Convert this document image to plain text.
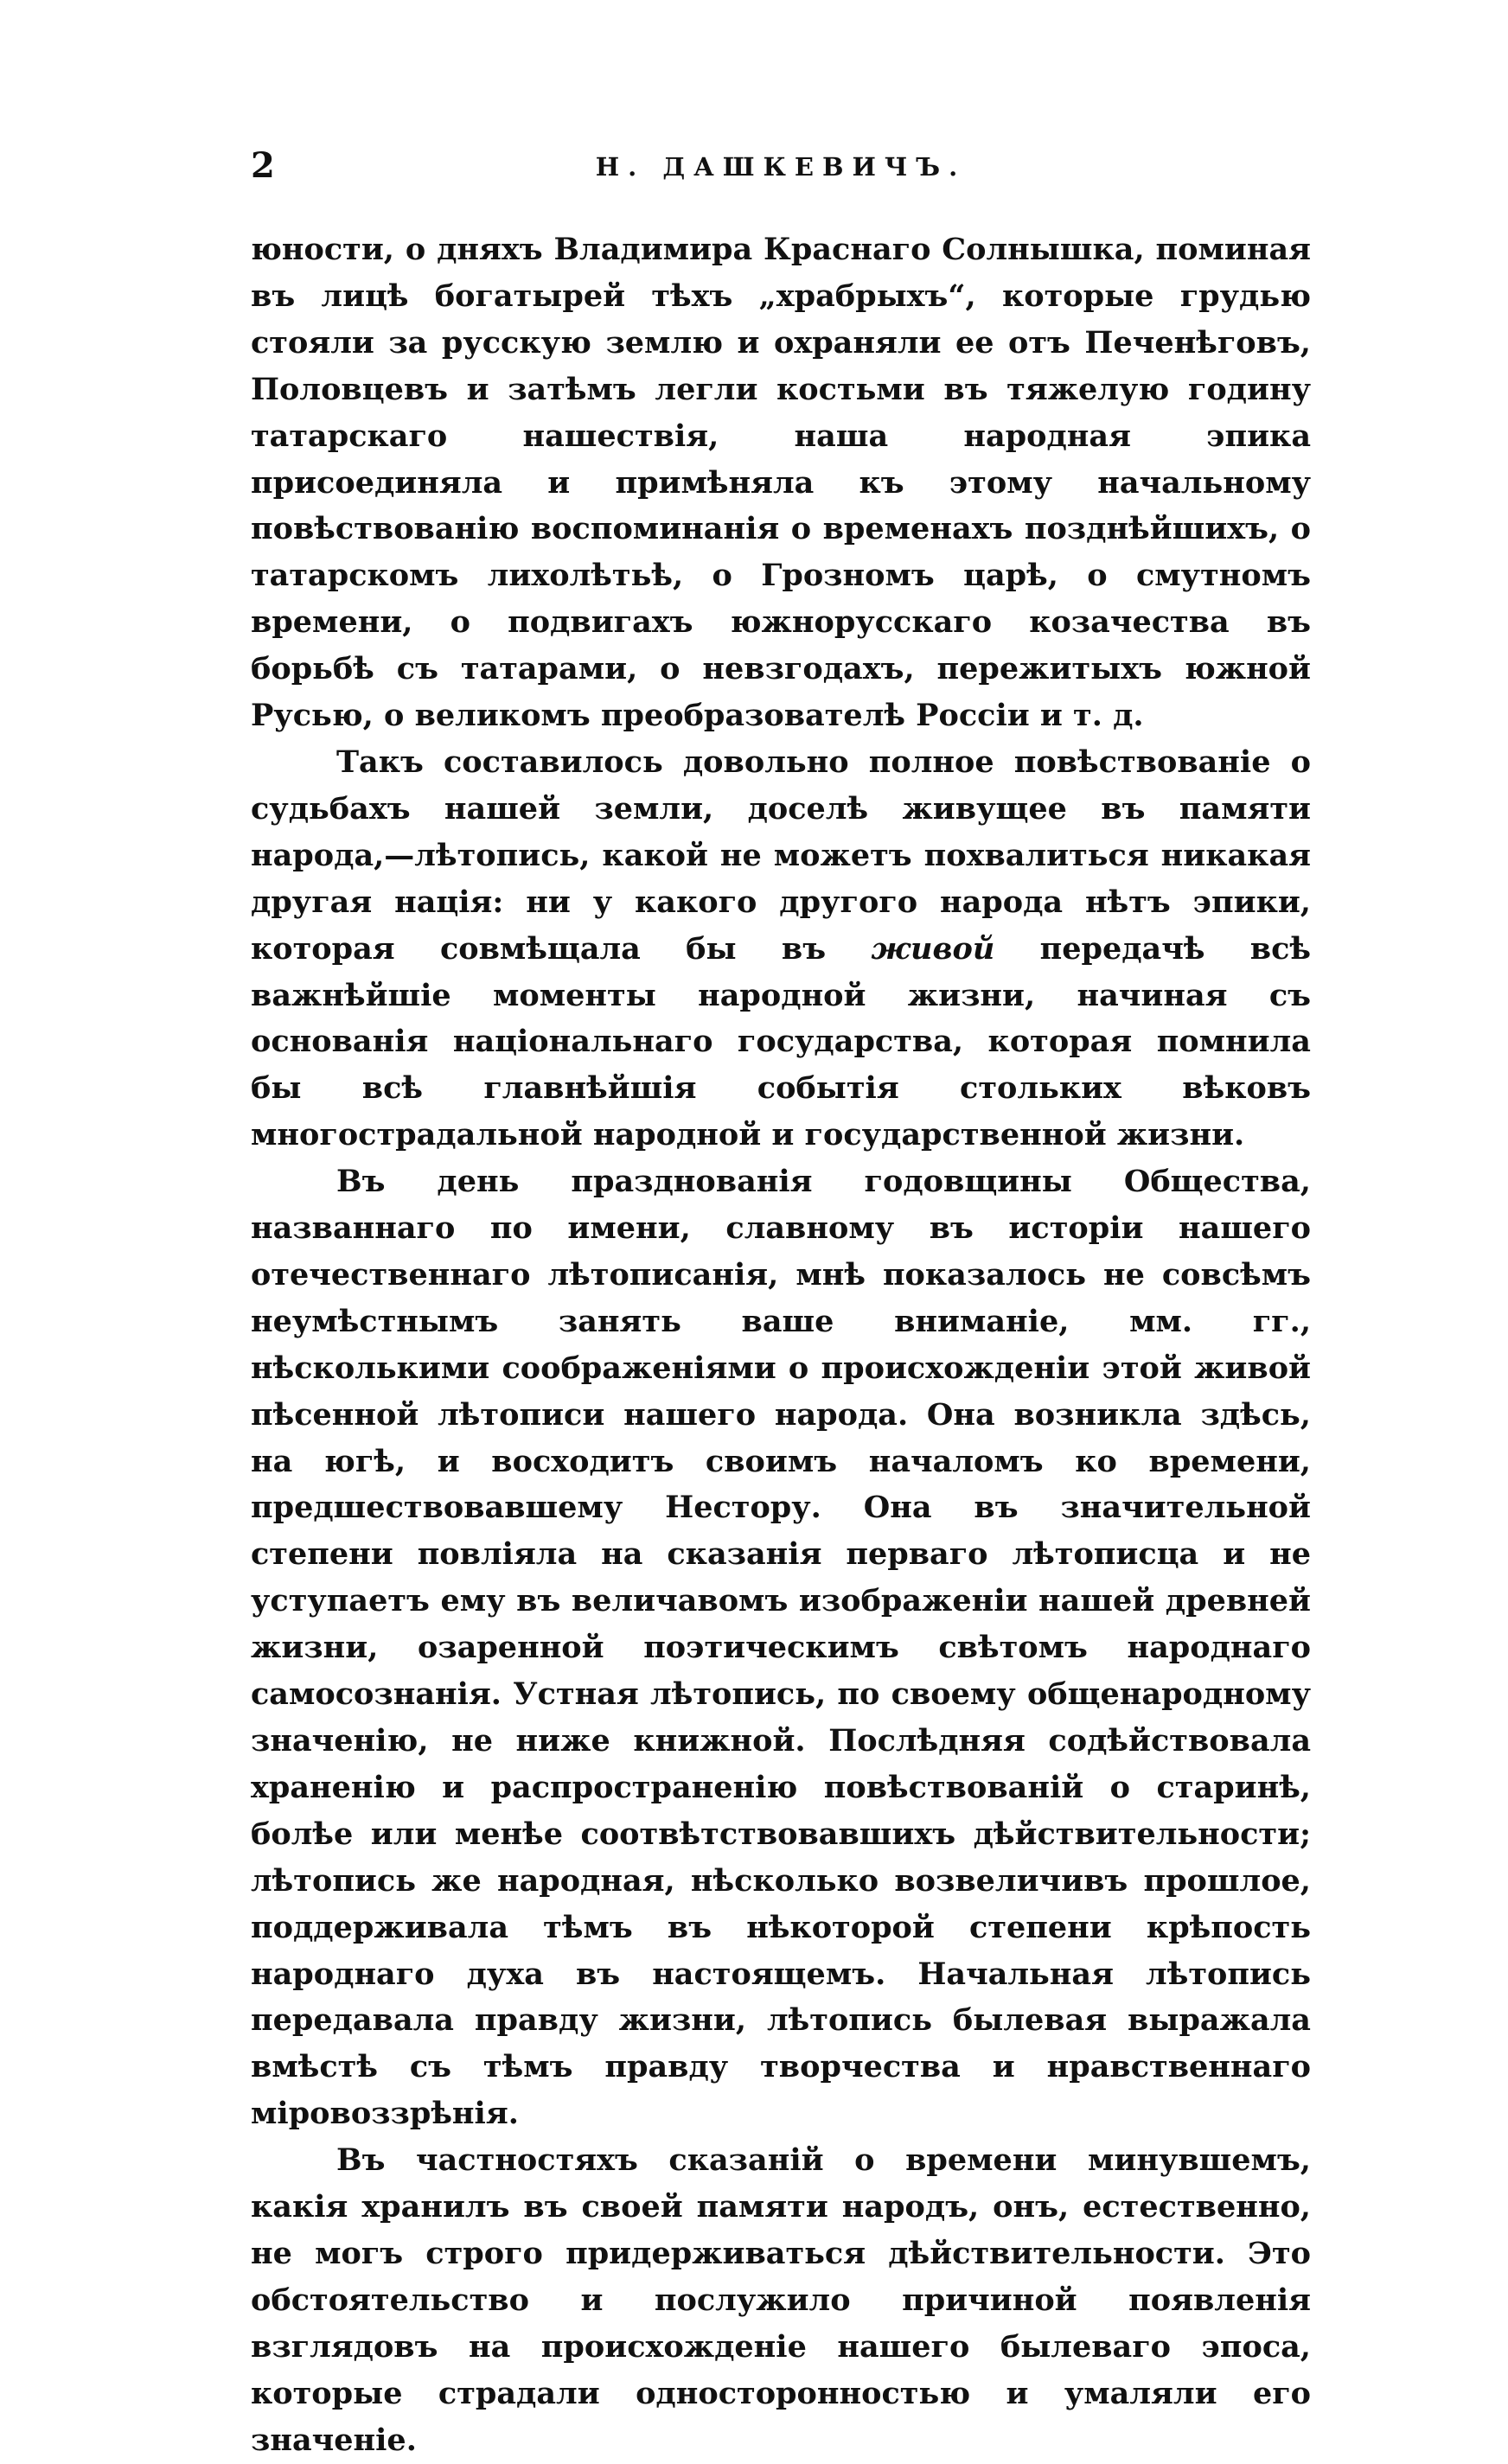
2	Н. ДАШКЕВИЧЪ.

юности, о дняхъ Владимира Краснаго Солнышка, поминая въ лицѣ богатырей тѣхъ „храбрыхъ“, которые грудью стояли за русскую землю и охраняли ее отъ Печенѣговъ, Половцевъ и затѣмъ легли костьми въ тяжелую годину татарскаго нашествія, наша народная эпика присоединяла и примѣняла къ этому начальному повѣствованію воспоминанія о временахъ позднѣйшихъ, о татарскомъ лихолѣтьѣ, о Грозномъ царѣ, о смутномъ времени, о подвигахъ южнорусскаго козачества въ борьбѣ съ татарами, о невзгодахъ, пережитыхъ южной Русью, о великомъ преобразователѣ Россіи и т. д.

Такъ составилось довольно полное повѣствованіе о судьбахъ нашей земли, доселѣ живущее въ памяти народа,—лѣтопись, какой не можетъ похвалиться никакая другая нація: ни у какого другого народа нѣтъ эпики, которая совмѣщала бы въ живой передачѣ всѣ важнѣйшіе моменты народной жизни, начиная съ основанія національнаго государства, которая помнила бы всѣ главнѣйшія событія стольких вѣковъ многострадальной народной и государственной жизни.

Въ день празднованія годовщины Общества, названнаго по имени, славному въ исторіи нашего отечественнаго лѣтописанія, мнѣ показалось не совсѣмъ неумѣстнымъ занять ваше вниманіе, мм. гг., нѣсколькими соображеніями о происхожденіи этой живой пѣсенной лѣтописи нашего народа. Она возникла здѣсь, на югѣ, и восходитъ своимъ началомъ ко времени, предшествовавшему Нестору. Она въ значительной степени повліяла на сказанія перваго лѣтописца и не уступаетъ ему въ величавомъ изображеніи нашей древней жизни, озаренной поэтическимъ свѣтомъ народнаго самосознанія. Устная лѣтопись, по своему общенародному значенію, не ниже книжной. Послѣдняя содѣйствовала храненію и распространенію повѣствованій о старинѣ, болѣе или менѣе соотвѣтствовавшихъ дѣйствительности; лѣтопись же народная, нѣсколько возвеличивъ прошлое, поддерживала тѣмъ въ нѣкоторой степени крѣпость народнаго духа въ настоящемъ. Начальная лѣтопись передавала правду жизни, лѣтопись былевая выражала вмѣстѣ съ тѣмъ правду творчества и нравственнаго міровоззрѣнія.

Въ частностяхъ сказаній о времени минувшемъ, какія хранилъ въ своей памяти народъ, онъ, естественно, не могъ строго придерживаться дѣйствительности. Это обстоятельство и послужило причиной появленія взглядовъ на происхожденіе нашего былеваго эпоса, которые страдали односторонностью и умаляли его значеніе.
